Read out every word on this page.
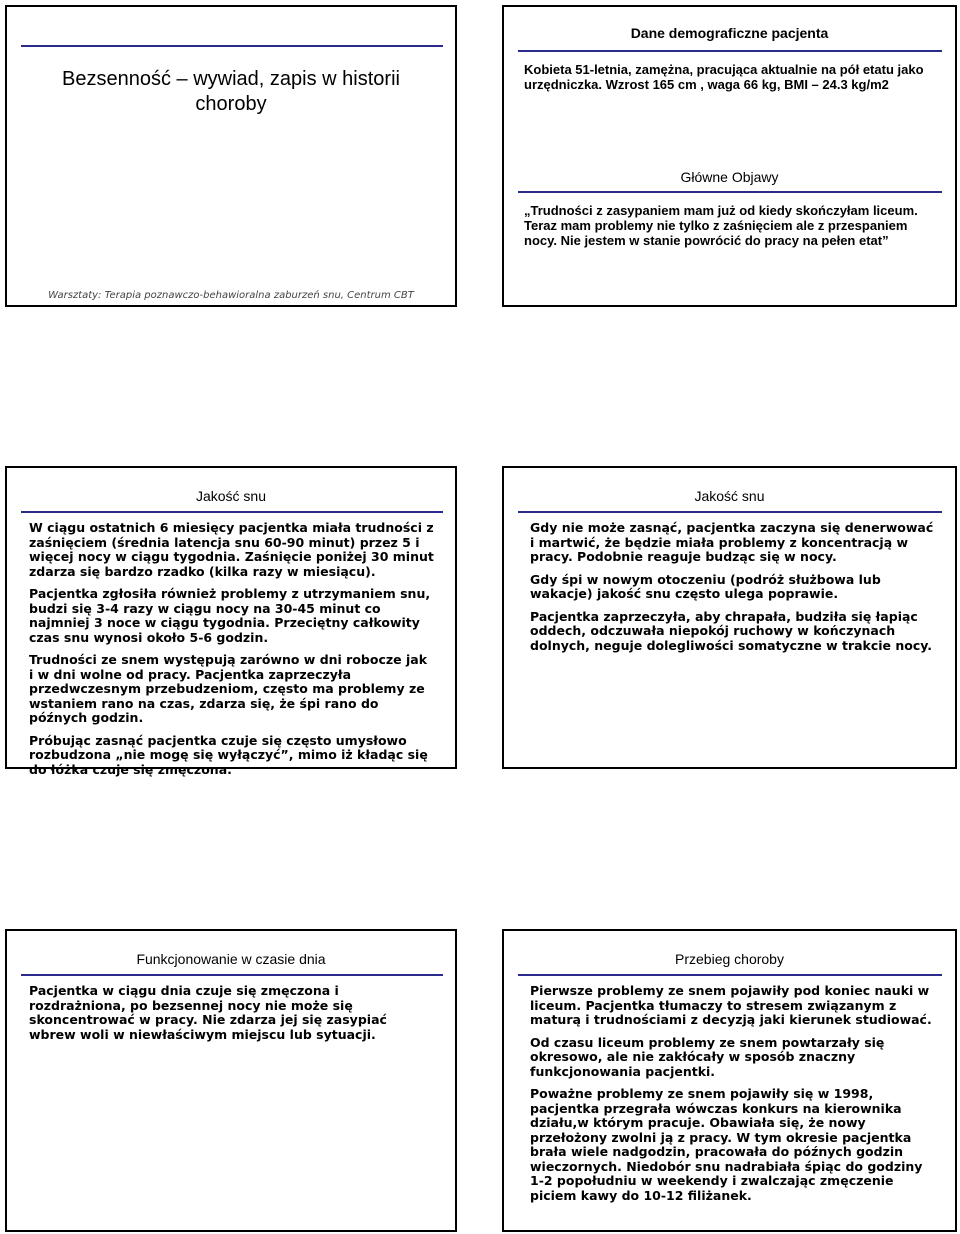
Bezsenność – wywiad, zapis w historii choroby
Warsztaty: Terapia poznawczo-behawioralna zaburzeń snu, Centrum CBT
Dane demograficzne pacjenta
Kobieta 51-letnia, zamężna, pracująca aktualnie na pół etatu jako urzędniczka. Wzrost 165 cm , waga 66 kg, BMI – 24.3 kg/m2
Główne Objawy
„Trudności z zasypaniem mam już od kiedy skończyłam liceum. Teraz mam problemy nie tylko z zaśnięciem ale z przespaniem nocy. Nie jestem w stanie powrócić do pracy na pełen etat”
Jakość snu

W ciągu ostatnich 6 miesięcy pacjentka miała trudności z zaśnięciem (średnia latencja snu 60-90 minut) przez 5 i więcej nocy w ciągu tygodnia. Zaśnięcie poniżej 30 minut zdarza się bardzo rzadko (kilka razy w miesiącu).

Pacjentka zgłosiła również problemy z utrzymaniem snu, budzi się 3-4 razy w ciągu nocy na 30-45 minut co najmniej 3 noce w ciągu tygodnia. Przeciętny całkowity czas snu wynosi około 5-6 godzin.

Trudności ze snem występują zarówno w dni robocze jak i w dni wolne od pracy. Pacjentka zaprzeczyła przedwczesnym przebudzeniom, często ma problemy ze wstaniem rano na czas, zdarza się, że śpi rano do późnych godzin.

Próbując zasnąć pacjentka czuje się często umysłowo rozbudzona „nie mogę się wyłączyć”, mimo iż kładąc się do łóżka czuje się zmęczona.

Jakość snu

Gdy nie może zasnąć, pacjentka zaczyna się denerwować i martwić, że będzie miała problemy z koncentracją w pracy. Podobnie reaguje budząc się w nocy.

Gdy śpi w nowym otoczeniu (podróż służbowa lub wakacje) jakość snu często ulega poprawie.

Pacjentka zaprzeczyła, aby chrapała, budziła się łapiąc oddech, odczuwała niepokój ruchowy w kończynach dolnych, neguje dolegliwości somatyczne w trakcie nocy.

Funkcjonowanie w czasie dnia

Pacjentka w ciągu dnia czuje się zmęczona i rozdrażniona, po bezsennej nocy nie może się skoncentrować w pracy. Nie zdarza jej się zasypiać wbrew woli w niewłaściwym miejscu lub sytuacji.

Przebieg choroby

Pierwsze problemy ze snem pojawiły pod koniec nauki w liceum. Pacjentka tłumaczy to stresem związanym z maturą i trudnościami z decyzją jaki kierunek studiować.

Od czasu liceum problemy ze snem powtarzały się okresowo, ale nie zakłócały w sposób znaczny funkcjonowania pacjentki.

Poważne problemy ze snem pojawiły się w 1998, pacjentka przegrała wówczas konkurs na kierownika działu,w którym pracuje. Obawiała się, że nowy przełożony zwolni ją z pracy. W tym okresie pacjentka brała wiele nadgodzin, pracowała do późnych godzin wieczornych. Niedobór snu nadrabiała śpiąc do godziny 1-2 popołudniu w weekendy i zwalczając zmęczenie piciem kawy do 10-12 filiżanek.
